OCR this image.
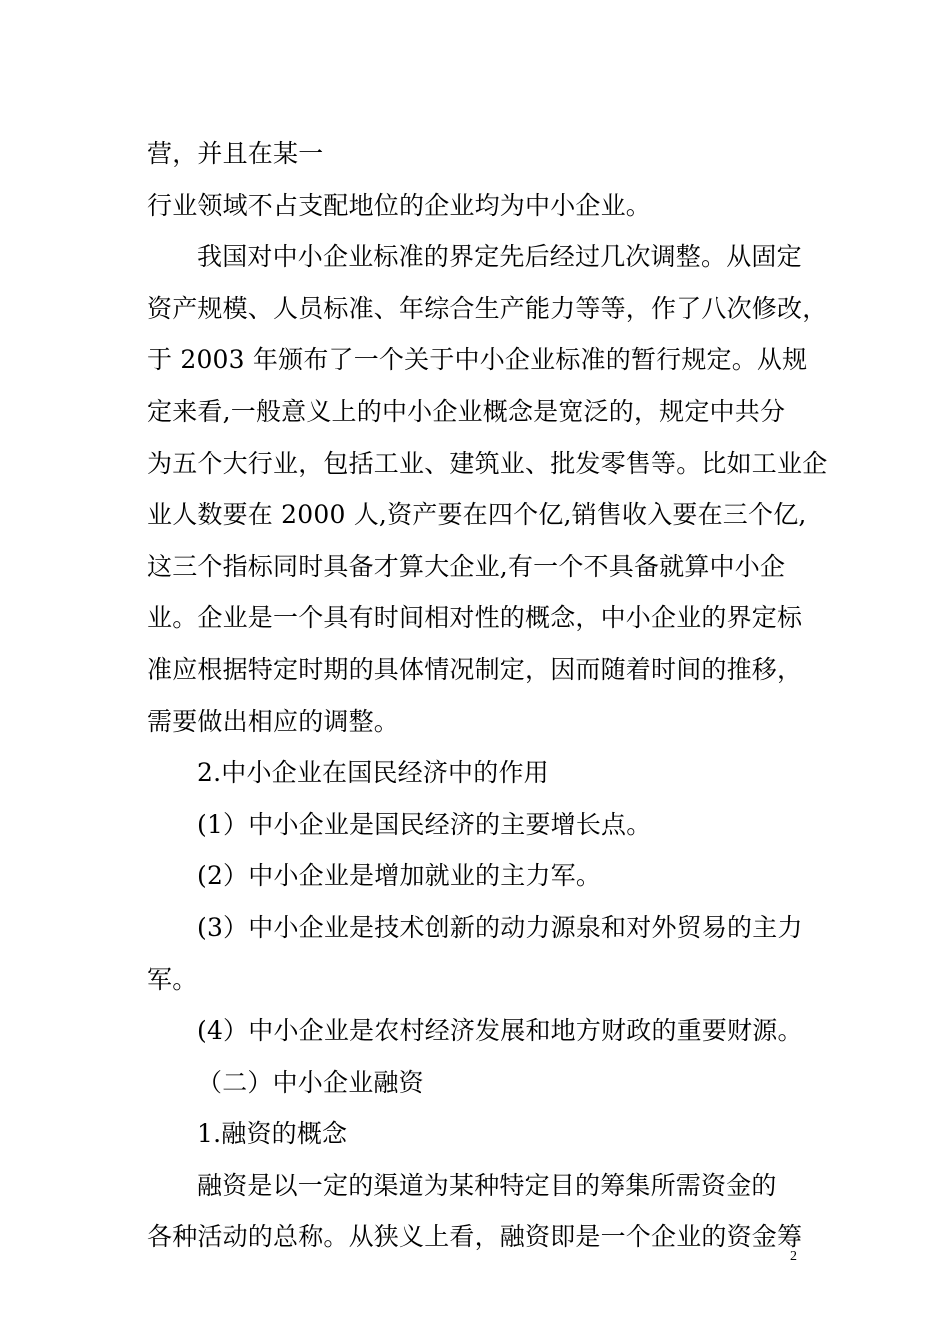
营，并且在某一
行业领域不占支配地位的企业均为中小企业。
我国对中小企业标准的界定先后经过几次调整。从固定
资产规模、人员标准、年综合生产能力等等，作了八次修改，
于 2003 年颁布了一个关于中小企业标准的暂行规定。从规
定来看,一般意义上的中小企业概念是宽泛的，规定中共分
为五个大行业，包括工业、建筑业、批发零售等。比如工业企
业人数要在 2000 人,资产要在四个亿,销售收入要在三个亿,
这三个指标同时具备才算大企业,有一个不具备就算中小企
业。企业是一个具有时间相对性的概念，中小企业的界定标
准应根据特定时期的具体情况制定，因而随着时间的推移，
需要做出相应的调整。
2.中小企业在国民经济中的作用
(1）中小企业是国民经济的主要增长点。
(2）中小企业是增加就业的主力军。
(3）中小企业是技术创新的动力源泉和对外贸易的主力
军。
(4）中小企业是农村经济发展和地方财政的重要财源。
（二）中小企业融资
1.融资的概念
融资是以一定的渠道为某种特定目的筹集所需资金的
各种活动的总称。从狭义上看，融资即是一个企业的资金筹
2
